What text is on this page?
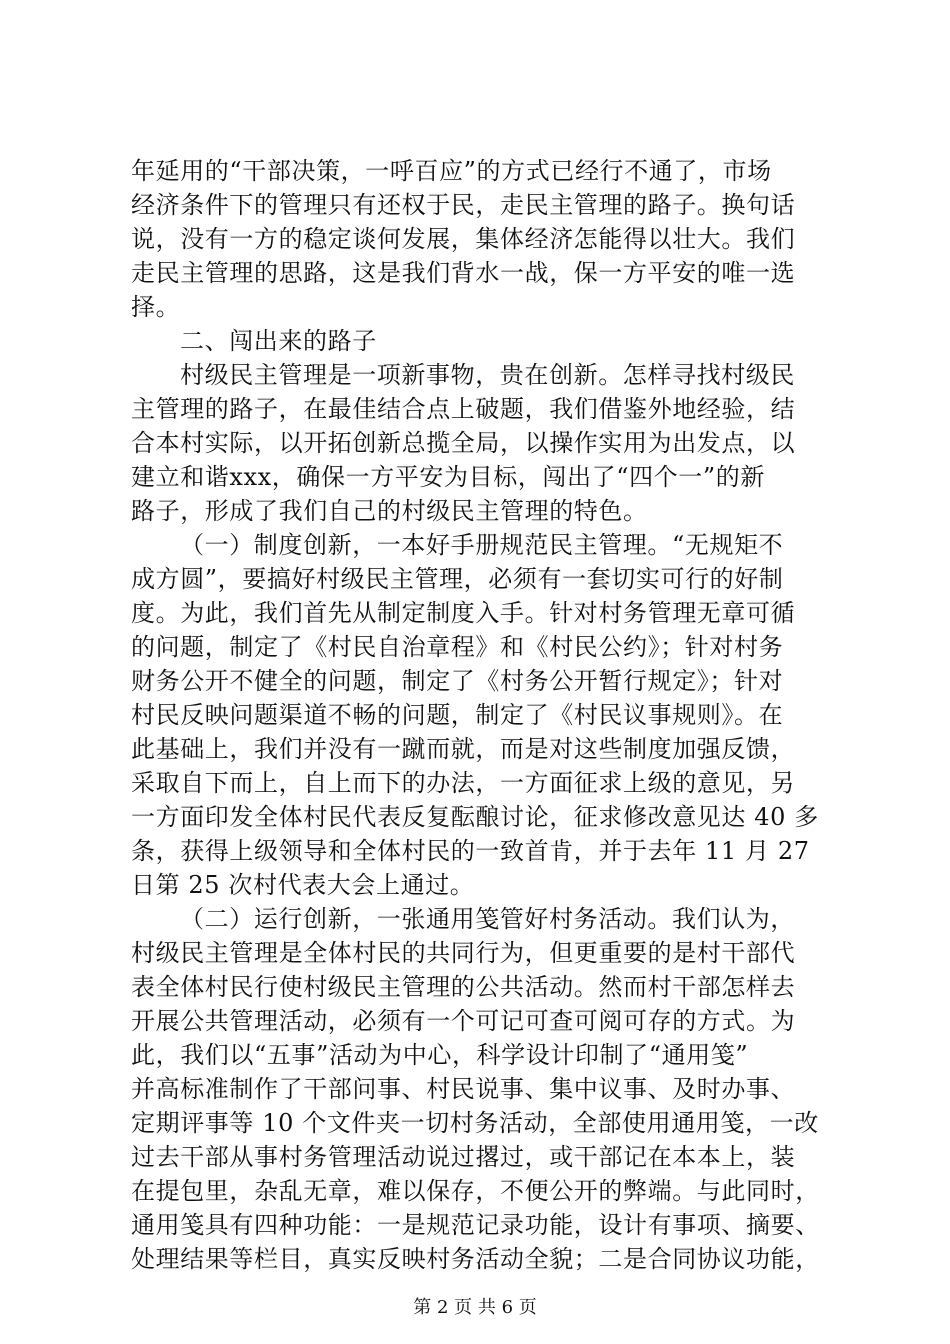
年延用的“干部决策，一呼百应”的方式已经行不通了，市场
经济条件下的管理只有还权于民，走民主管理的路子。换句话
说，没有一方的稳定谈何发展，集体经济怎能得以壮大。我们
走民主管理的思路，这是我们背水一战，保一方平安的唯一选
择。
二、闯出来的路子
村级民主管理是一项新事物，贵在创新。怎样寻找村级民
主管理的路子，在最佳结合点上破题，我们借鉴外地经验，结
合本村实际，以开拓创新总揽全局，以操作实用为出发点，以
建立和谐xxx，确保一方平安为目标，闯出了“四个一”的新
路子，形成了我们自己的村级民主管理的特色。
（一）制度创新，一本好手册规范民主管理。“无规矩不
成方圆”，要搞好村级民主管理，必须有一套切实可行的好制
度。为此，我们首先从制定制度入手。针对村务管理无章可循
的问题，制定了《村民自治章程》和《村民公约》；针对村务
财务公开不健全的问题，制定了《村务公开暂行规定》；针对
村民反映问题渠道不畅的问题，制定了《村民议事规则》。在
此基础上，我们并没有一蹴而就，而是对这些制度加强反馈，
采取自下而上，自上而下的办法，一方面征求上级的意见，另
一方面印发全体村民代表反复酝酿讨论，征求修改意见达 40 多
条，获得上级领导和全体村民的一致首肯，并于去年 11 月 27
日第 25 次村代表大会上通过。
（二）运行创新，一张通用笺管好村务活动。我们认为，
村级民主管理是全体村民的共同行为，但更重要的是村干部代
表全体村民行使村级民主管理的公共活动。然而村干部怎样去
开展公共管理活动，必须有一个可记可查可阅可存的方式。为
此，我们以“五事”活动为中心，科学设计印制了“通用笺”
并高标准制作了干部问事、村民说事、集中议事、及时办事、
定期评事等 10 个文件夹一切村务活动，全部使用通用笺，一改
过去干部从事村务管理活动说过撂过，或干部记在本本上，装
在提包里，杂乱无章，难以保存，不便公开的弊端。与此同时，
通用笺具有四种功能：一是规范记录功能，设计有事项、摘要、
处理结果等栏目，真实反映村务活动全貌；二是合同协议功能，
第 2 页 共 6 页
